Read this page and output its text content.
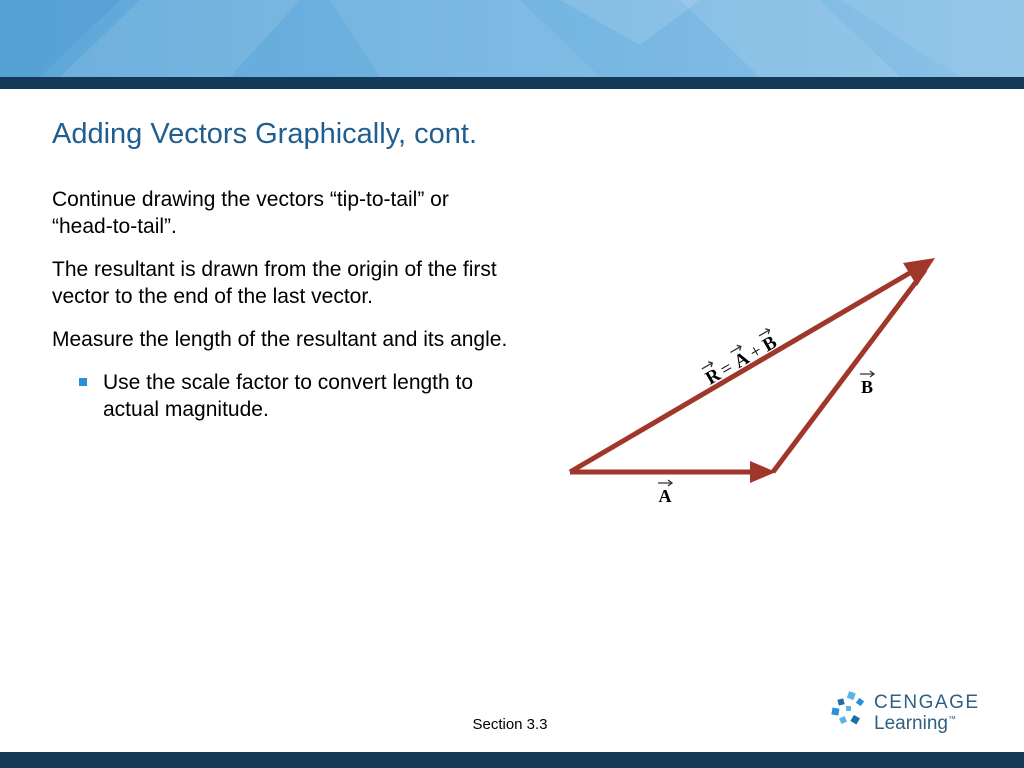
Adding Vectors Graphically, cont.

Continue drawing the vectors “tip-to-tail” or “head-to-tail”.

The resultant is drawn from the origin of the first vector to the end of the last vector.

Measure the length of the resultant and its angle.

Use the scale factor to convert length to actual magnitude.
A
B
R
=
A
+
B
Section 3.3
CENGAGE
Learning™
